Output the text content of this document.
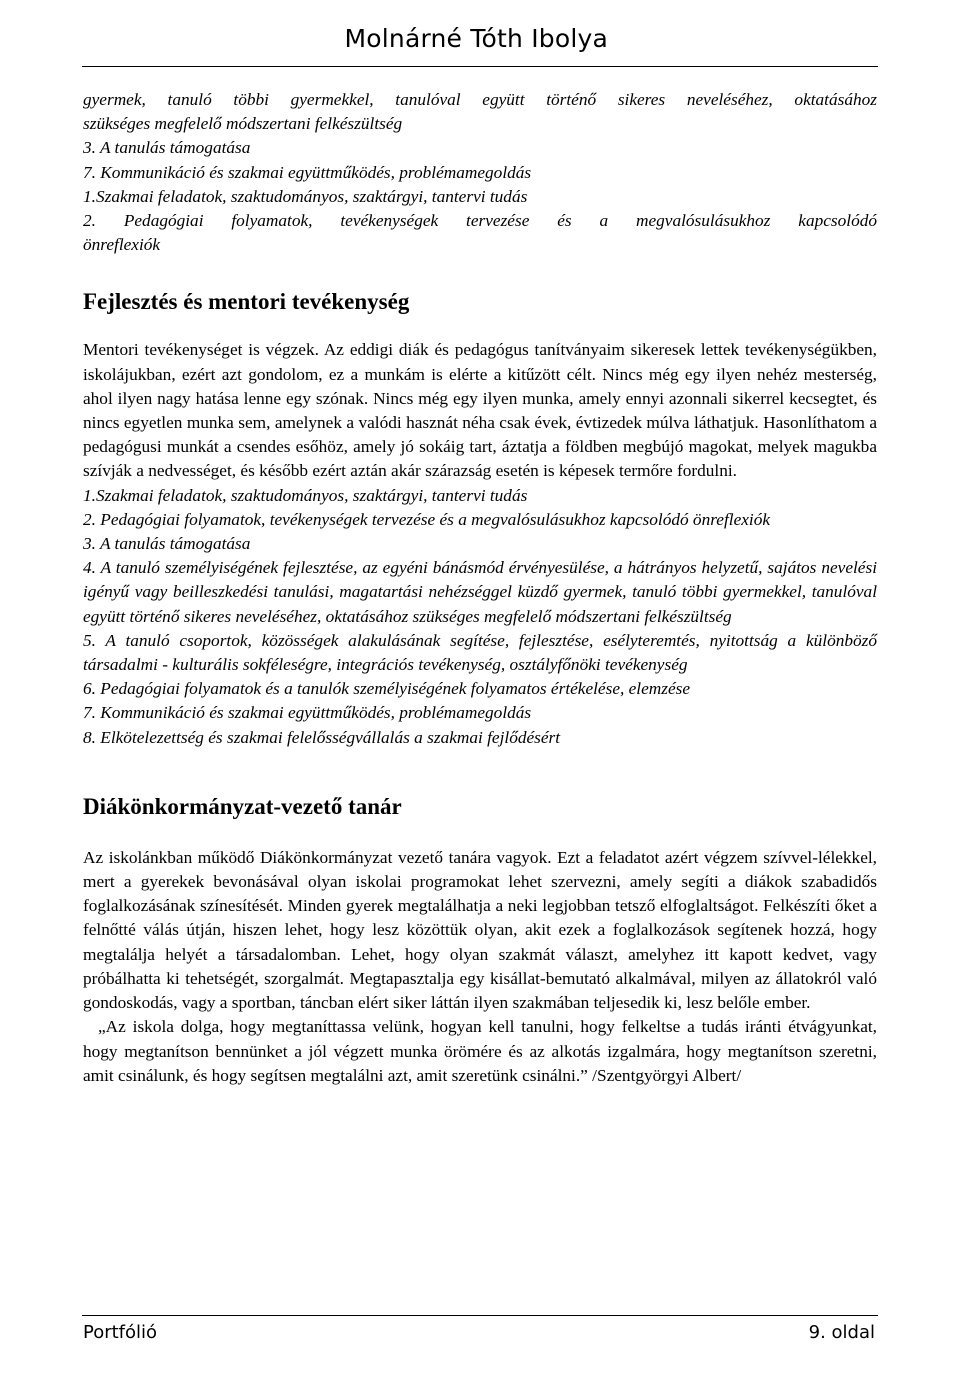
Molnárné Tóth Ibolya

gyermek, tanuló többi gyermekkel, tanulóval együtt történő sikeres neveléséhez, oktatásához

szükséges megfelelő módszertani felkészültség

3. A tanulás támogatása

7. Kommunikáció és szakmai együttműködés, problémamegoldás

1.Szakmai feladatok, szaktudományos, szaktárgyi, tantervi tudás

2. Pedagógiai folyamatok, tevékenységek tervezése és a megvalósulásukhoz kapcsolódó

önreflexiók

Fejlesztés és mentori tevékenység

Mentori tevékenységet is végzek. Az eddigi diák és pedagógus tanítványaim sikeresek lettek tevékenységükben, iskolájukban, ezért azt gondolom, ez a munkám is elérte a kitűzött célt. Nincs még egy ilyen nehéz mesterség, ahol ilyen nagy hatása lenne egy szónak. Nincs még egy ilyen munka, amely ennyi azonnali sikerrel kecsegtet, és nincs egyetlen munka sem, amelynek a valódi hasznát néha csak évek, évtizedek múlva láthatjuk. Hasonlíthatom a pedagógusi munkát a csendes esőhöz, amely jó sokáig tart, áztatja a földben megbújó magokat, melyek magukba szívják a nedvességet, és később ezért aztán akár szárazság esetén is képesek termőre fordulni.

1.Szakmai feladatok, szaktudományos, szaktárgyi, tantervi tudás

2. Pedagógiai folyamatok, tevékenységek tervezése és a megvalósulásukhoz kapcsolódó önreflexiók

3. A tanulás támogatása

4. A tanuló személyiségének fejlesztése, az egyéni bánásmód érvényesülése, a hátrányos helyzetű, sajátos nevelési igényű vagy beilleszkedési tanulási, magatartási nehézséggel küzdő gyermek, tanuló többi gyermekkel, tanulóval együtt történő sikeres neveléséhez, oktatásához szükséges megfelelő módszertani felkészültség

5. A tanuló csoportok, közösségek alakulásának segítése, fejlesztése, esélyteremtés, nyitottság a különböző társadalmi - kulturális sokféleségre, integrációs tevékenység, osztályfőnöki tevékenység

6. Pedagógiai folyamatok és a tanulók személyiségének folyamatos értékelése, elemzése

7. Kommunikáció és szakmai együttműködés, problémamegoldás

8. Elkötelezettség és szakmai felelősségvállalás a szakmai fejlődésért

Diákönkormányzat-vezető tanár

Az iskolánkban működő Diákönkormányzat vezető tanára vagyok. Ezt a feladatot azért végzem szívvel-lélekkel, mert a gyerekek bevonásával olyan iskolai programokat lehet szervezni, amely segíti a diákok szabadidős foglalkozásának színesítését. Minden gyerek megtalálhatja a neki legjobban tetsző elfoglaltságot. Felkészíti őket a felnőtté válás útján, hiszen lehet, hogy lesz közöttük olyan, akit ezek a foglalkozások segítenek hozzá, hogy megtalálja helyét a társadalomban. Lehet, hogy olyan szakmát választ, amelyhez itt kapott kedvet, vagy próbálhatta ki tehetségét, szorgalmát. Megtapasztalja egy kisállat-bemutató alkalmával, milyen az állatokról való gondoskodás, vagy a sportban, táncban elért siker láttán ilyen szakmában teljesedik ki, lesz belőle ember.

„Az iskola dolga, hogy megtaníttassa velünk, hogyan kell tanulni, hogy felkeltse a tudás iránti étvágyunkat, hogy megtanítson bennünket a jól végzett munka örömére és az alkotás izgalmára, hogy megtanítson szeretni, amit csinálunk, és hogy segítsen megtalálni azt, amit szeretünk csinálni.” /Szentgyörgyi Albert/

Portfólió	9. oldal
